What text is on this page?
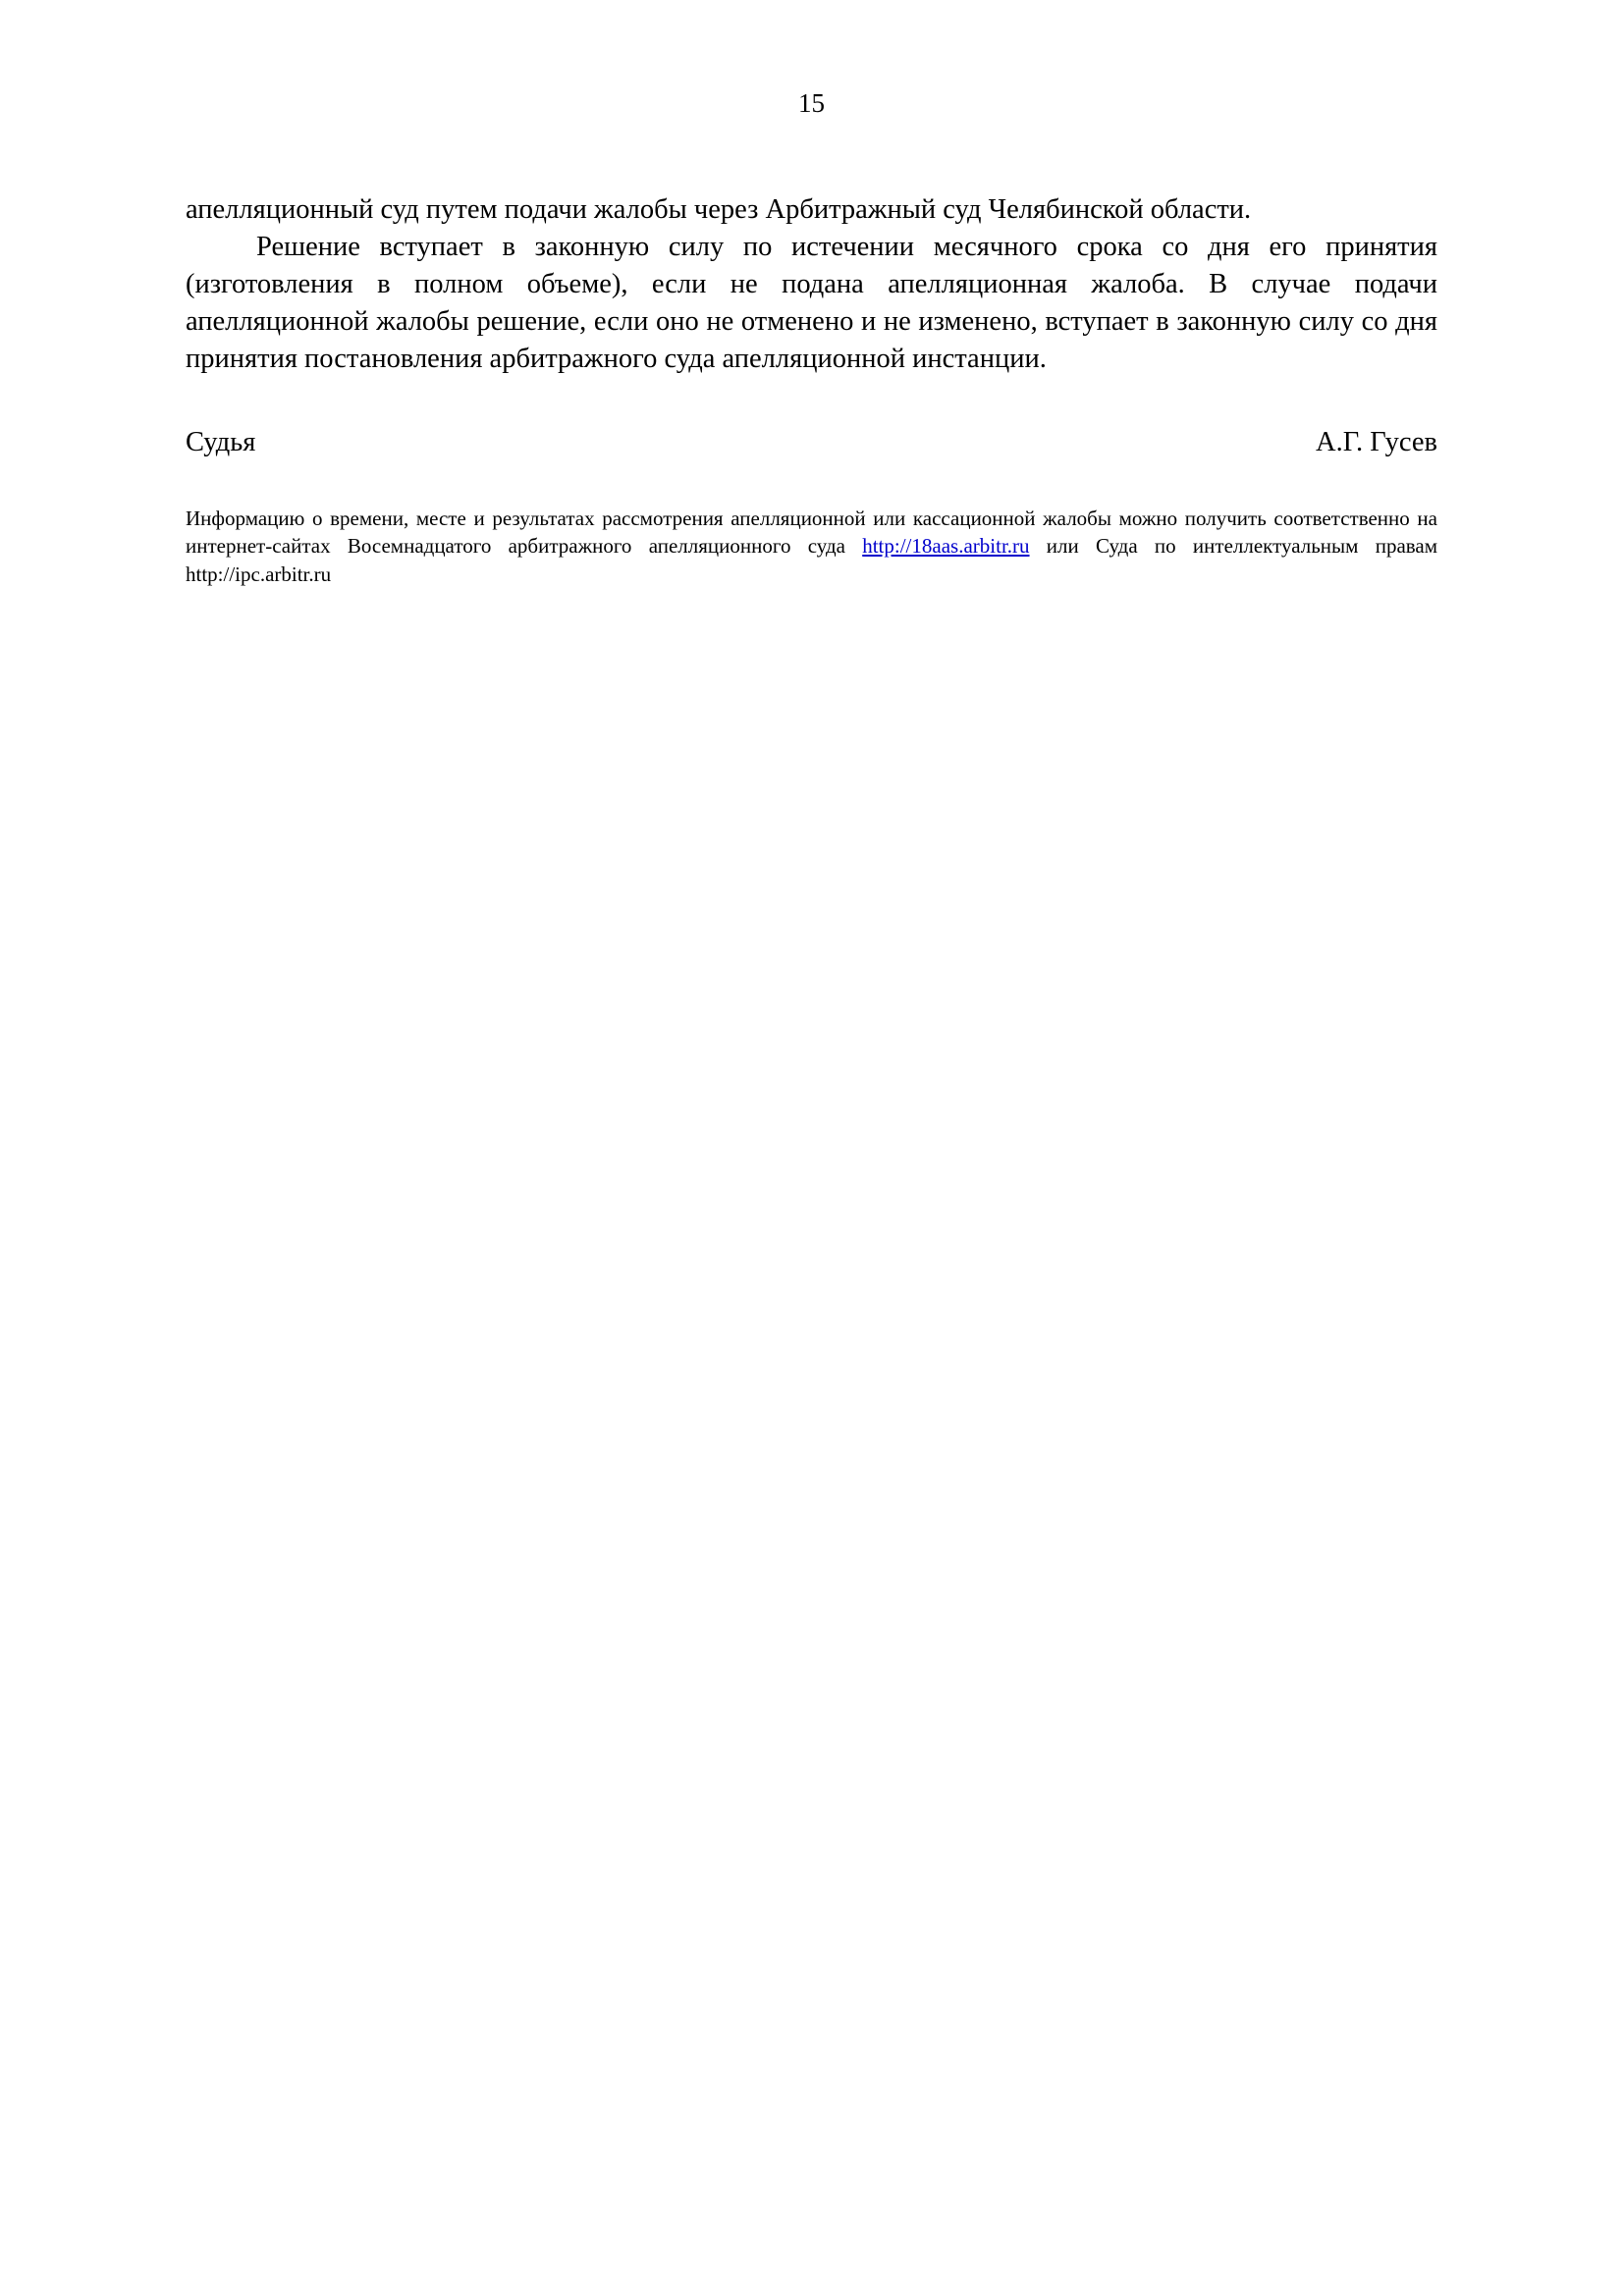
15

апелляционный суд путем подачи жалобы через Арбитражный суд Челябинской области.

Решение вступает в законную силу по истечении месячного срока со дня его принятия (изготовления в полном объеме), если не подана апелляционная жалоба. В случае подачи апелляционной жалобы решение, если оно не отменено и не изменено, вступает в законную силу со дня принятия постановления арбитражного суда апелляционной инстанции.

Судья	А.Г. Гусев
Информацию о времени, месте и результатах рассмотрения апелляционной или кассационной жалобы можно получить соответственно на интернет-сайтах Восемнадцатого арбитражного апелляционного суда http://18aas.arbitr.ru или Суда по интеллектуальным правам http://ipc.arbitr.ru
